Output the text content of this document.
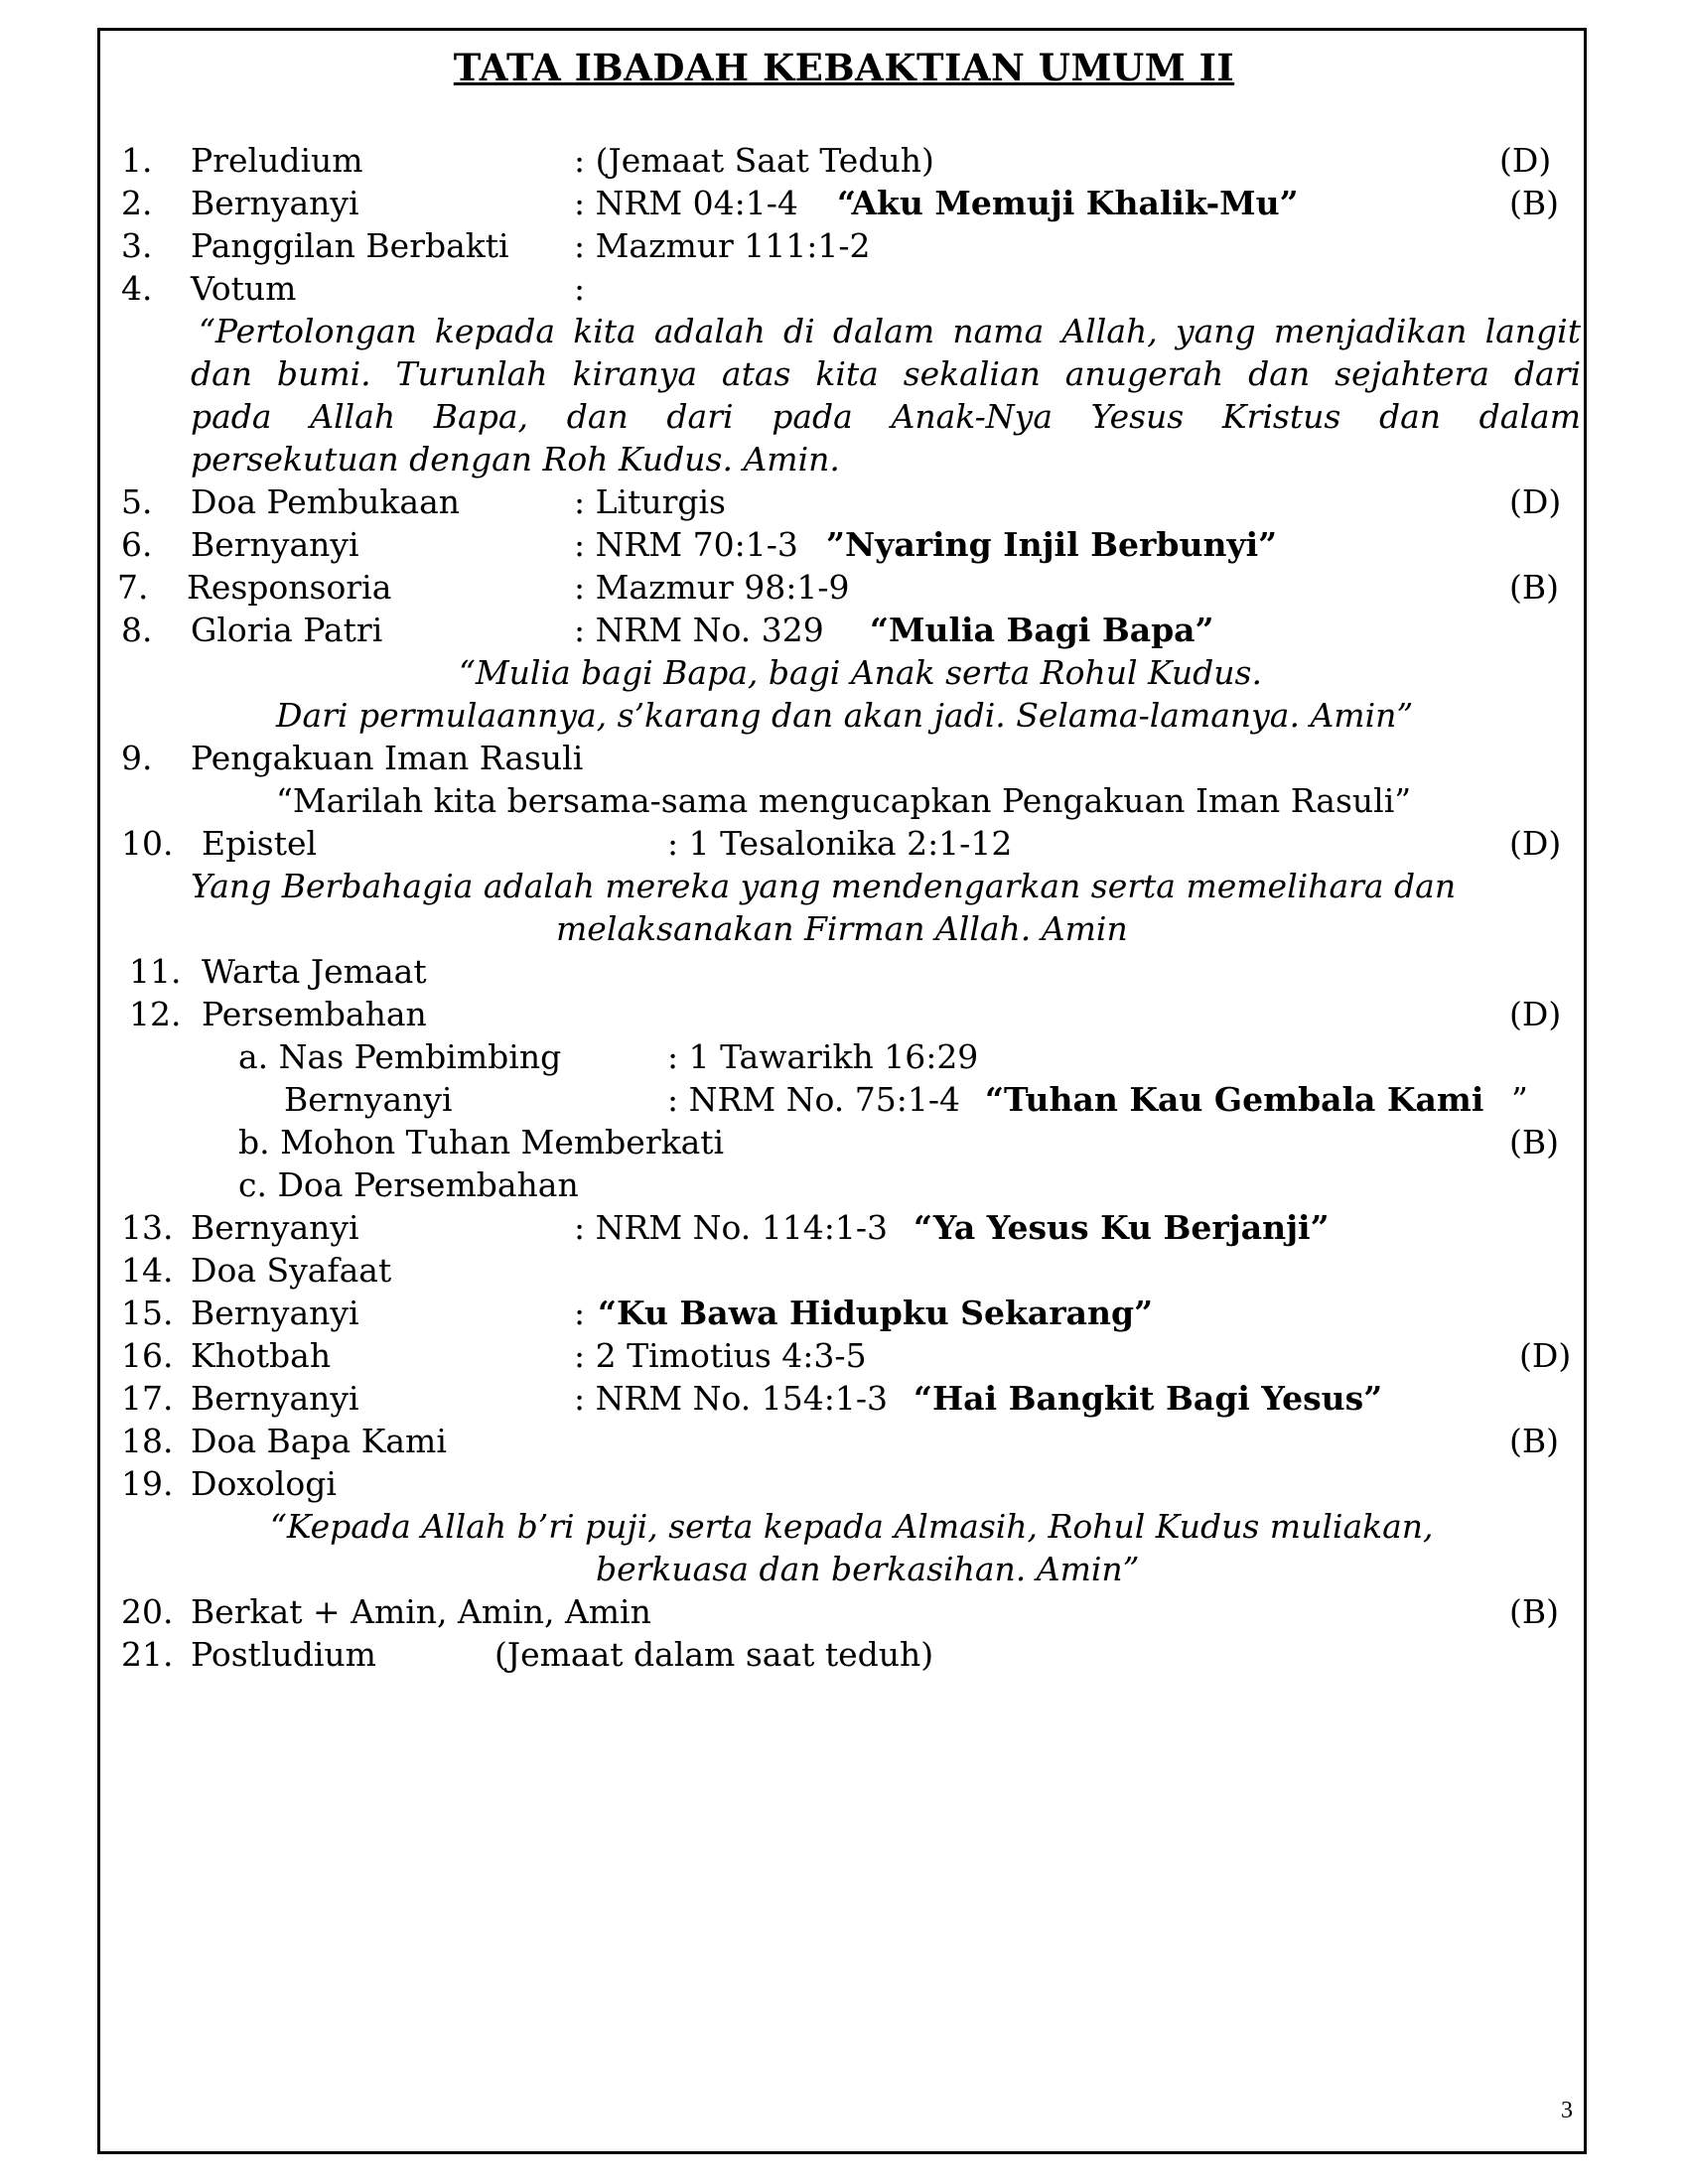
TATA IBADAH KEBAKTIAN UMUM II
1. Preludium	: (Jemaat Saat Teduh)	(D)
2. Bernyanyi	: NRM 04:1-4 “Aku Memuji Khalik-Mu”	(B)
3. Panggilan Berbakti : Mazmur 111:1-2
4. Votum	:
“Pertolongan kepada kita adalah di dalam nama Allah, yang menjadikan langit
dan bumi. Turunlah kiranya atas kita sekalian anugerah dan sejahtera dari
pada Allah Bapa, dan dari pada Anak-Nya Yesus Kristus dan dalam
persekutuan dengan Roh Kudus. Amin.
5. Doa Pembukaan	: Liturgis	(D)
6. Bernyanyi	: NRM 70:1-3 ”Nyaring Injil Berbunyi”
7. Responsoria	: Mazmur 98:1-9	(B)
8. Gloria Patri	: NRM No. 329 “Mulia Bagi Bapa”
“Mulia bagi Bapa, bagi Anak serta Rohul Kudus.
Dari permulaannya, s’karang dan akan jadi. Selama-lamanya. Amin”
9. Pengakuan Iman Rasuli
“Marilah kita bersama-sama mengucapkan Pengakuan Iman Rasuli”
10. Epistel	: 1 Tesalonika 2:1-12	(D)
Yang Berbahagia adalah mereka yang mendengarkan serta memelihara dan
melaksanakan Firman Allah. Amin
11. Warta Jemaat
12. Persembahan	(D)
a. Nas Pembimbing	: 1 Tawarikh 16:29
Bernyanyi	: NRM No. 75:1-4 “Tuhan Kau Gembala Kami ”
b. Mohon Tuhan Memberkati	(B)
c. Doa Persembahan
13. Bernyanyi	: NRM No. 114:1-3 “Ya Yesus Ku Berjanji”
14. Doa Syafaat
15. Bernyanyi	: “Ku Bawa Hidupku Sekarang”
16. Khotbah	: 2 Timotius 4:3-5	(D)
17. Bernyanyi	: NRM No. 154:1-3 “Hai Bangkit Bagi Yesus”
18. Doa Bapa Kami	(B)
19. Doxologi
“Kepada Allah b’ri puji, serta kepada Almasih, Rohul Kudus muliakan,
berkuasa dan berkasihan. Amin”
20. Berkat + Amin, Amin, Amin	(B)
21. Postludium	(Jemaat dalam saat teduh)
3
